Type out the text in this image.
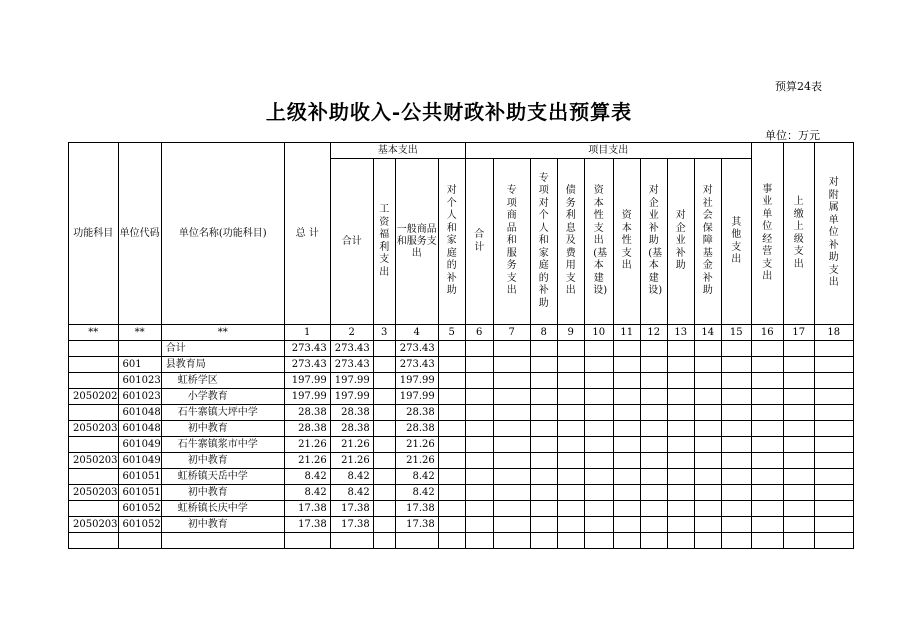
预算24表
上级补助收入-公共财政补助支出预算表
单位：万元
功能科目	单位代码	单位名称(功能科目)	总 计	基本支出				项目支出										事业单位经营支出	上缴上级支出	对附属单位补助支出
				合计	工资福利支出	一般商品和服务支出	对个人和家庭的补助	合计	专项商品和服务支出	专项对个人和家庭的补助	债务利息及费用支出	资本性支出(基本建设)	资本性支出	对企业补助(基本建设)	对企业补助	对社会保障基金补助	其他支出			
**	**	**	1	2	3	4	5	6	7	8	9	10	11	12	13	14	15	16	17	18
		合计	273.43	273.43		273.43														
	601	县教育局	273.43	273.43		273.43														
	601023	虹桥学区	197.99	197.99		197.99														
2050202	601023	小学教育	197.99	197.99		197.99														
	601048	石牛寨镇大坪中学	28.38	28.38		28.38														
2050203	601048	初中教育	28.38	28.38		28.38														
	601049	石牛寨镇浆市中学	21.26	21.26		21.26														
2050203	601049	初中教育	21.26	21.26		21.26														
	601051	虹桥镇天岳中学	8.42	8.42		8.42														
2050203	601051	初中教育	8.42	8.42		8.42														
	601052	虹桥镇长庆中学	17.38	17.38		17.38														
2050203	601052	初中教育	17.38	17.38		17.38														
